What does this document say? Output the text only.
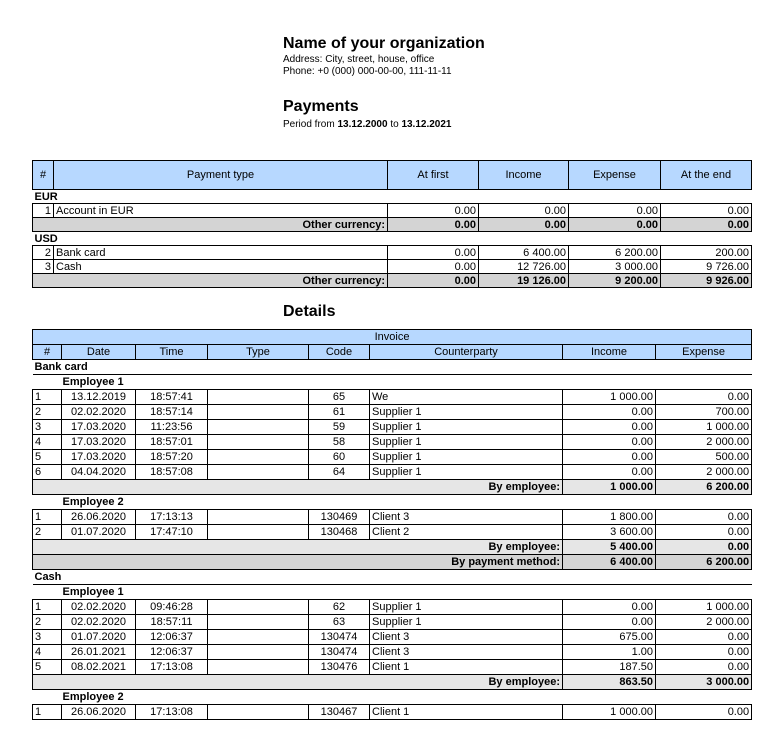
Name of your organization
Address: City, street, house, office
Phone: +0 (000) 000-00-00, 111-11-11
Payments
Period from 13.12.2000 to 13.12.2021
#	Payment type	At first	Income	Expense	At the end
EUR					
1	Account in EUR	0.00	0.00	0.00	0.00
Other currency:		0.00	0.00	0.00	0.00
USD					
2	Bank card	0.00	6 400.00	6 200.00	200.00
3	Cash	0.00	12 726.00	3 000.00	9 726.00
Other currency:		0.00	19 126.00	9 200.00	9 926.00
Details
Invoice							
#	Date	Time	Type	Code	Counterparty	Income	Expense
Bank card							
Employee 1							
1	13.12.2019	18:57:41		65	We	1 000.00	0.00
2	02.02.2020	18:57:14		61	Supplier 1	0.00	700.00
3	17.03.2020	11:23:56		59	Supplier 1	0.00	1 000.00
4	17.03.2020	18:57:01		58	Supplier 1	0.00	2 000.00
5	17.03.2020	18:57:20		60	Supplier 1	0.00	500.00
6	04.04.2020	18:57:08		64	Supplier 1	0.00	2 000.00
By employee:						1 000.00	6 200.00
Employee 2							
1	26.06.2020	17:13:13		130469	Client 3	1 800.00	0.00
2	01.07.2020	17:47:10		130468	Client 2	3 600.00	0.00
By employee:						5 400.00	0.00
By payment method:						6 400.00	6 200.00
Cash							
Employee 1							
1	02.02.2020	09:46:28		62	Supplier 1	0.00	1 000.00
2	02.02.2020	18:57:11		63	Supplier 1	0.00	2 000.00
3	01.07.2020	12:06:37		130474	Client 3	675.00	0.00
4	26.01.2021	12:06:37		130474	Client 3	1.00	0.00
5	08.02.2021	17:13:08		130476	Client 1	187.50	0.00
By employee:						863.50	3 000.00
Employee 2							
1	26.06.2020	17:13:08		130467	Client 1	1 000.00	0.00
